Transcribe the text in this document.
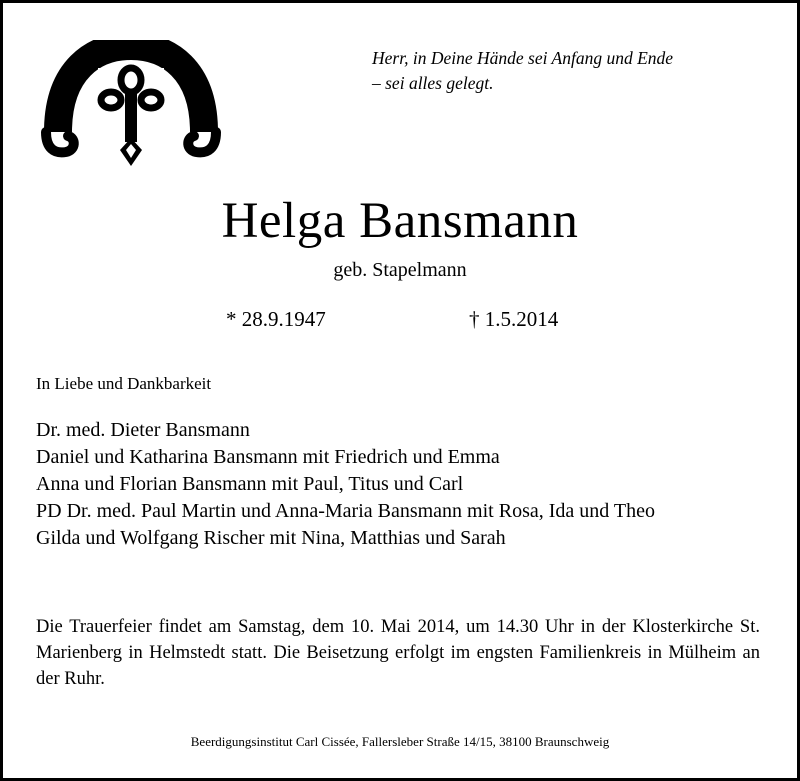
Herr, in Deine Hände sei Anfang und Ende
– sei alles gelegt.
Helga Bansmann
geb. Stapelmann
* 28.9.1947	† 1.5.2014
In Liebe und Dankbarkeit
Dr. med. Dieter Bansmann
Daniel und Katharina Bansmann mit Friedrich und Emma
Anna und Florian Bansmann mit Paul, Titus und Carl
PD Dr. med. Paul Martin und Anna-Maria Bansmann mit Rosa, Ida und Theo
Gilda und Wolfgang Rischer mit Nina, Matthias und Sarah
Die Trauerfeier findet am Samstag, dem 10. Mai 2014, um 14.30 Uhr in der Klosterkirche St. Marienberg in Helmstedt statt. Die Beisetzung erfolgt im engsten Familienkreis in Mülheim an der Ruhr.
Beerdigungsinstitut Carl Cissée, Fallersleber Straße 14/15, 38100 Braunschweig
